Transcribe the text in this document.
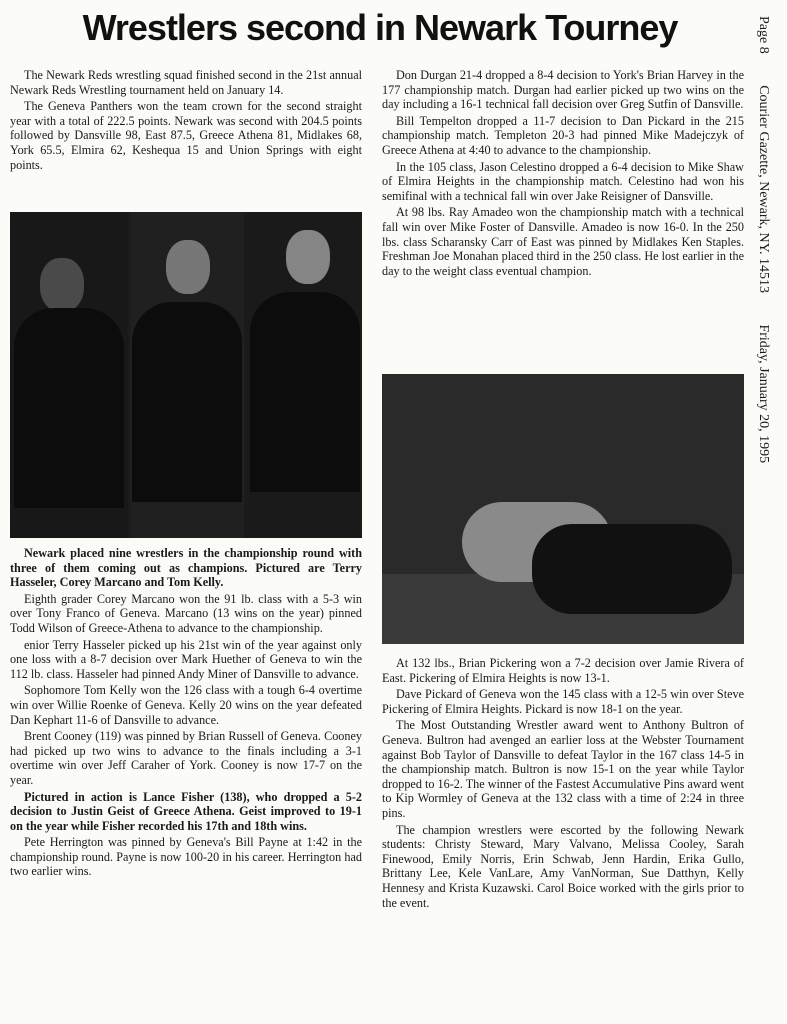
Wrestlers second in Newark Tourney	Page 8 Courier Gazette, Newark, NY. 14513 Friday, January 20, 1995

The Newark Reds wrestling squad finished second in the 21st annual Newark Reds Wrestling tournament held on January 14.

The Geneva Panthers won the team crown for the second straight year with a total of 222.5 points. Newark was second with 204.5 points followed by Dansville 98, East 87.5, Greece Athena 81, Midlakes 68, York 65.5, Elmira 62, Keshequa 15 and Union Springs with eight points.

Newark placed nine wrestlers in the championship round with three of them coming out as champions. Pictured are Terry Hasseler, Corey Marcano and Tom Kelly.

Eighth grader Corey Marcano won the 91 lb. class with a 5-3 win over Tony Franco of Geneva. Marcano (13 wins on the year) pinned Todd Wilson of Greece-Athena to advance to the championship.

enior Terry Hasseler picked up his 21st win of the year against only one loss with a 8-7 decision over Mark Huether of Geneva to win the 112 lb. class. Hasseler had pinned Andy Miner of Dansville to advance.

Sophomore Tom Kelly won the 126 class with a tough 6-4 overtime win over Willie Roenke of Geneva. Kelly 20 wins on the year defeated Dan Kephart 11-6 of Dansville to advance.

Brent Cooney (119) was pinned by Brian Russell of Geneva. Cooney had picked up two wins to advance to the finals including a 3-1 overtime win over Jeff Caraher of York. Cooney is now 17-7 on the year.

Pictured in action is Lance Fisher (138), who dropped a 5-2 decision to Justin Geist of Greece Athena. Geist improved to 19-1 on the year while Fisher recorded his 17th and 18th wins.

Pete Herrington was pinned by Geneva's Bill Payne at 1:42 in the championship round. Payne is now 100-20 in his career. Herrington had two earlier wins.

Don Durgan 21-4 dropped a 8-4 decision to York's Brian Harvey in the 177 championship match. Durgan had earlier picked up two wins on the day including a 16-1 technical fall decision over Greg Sutfin of Dansville.

Bill Tempelton dropped a 11-7 decision to Dan Pickard in the 215 championship match. Templeton 20-3 had pinned Mike Madejczyk of Greece Athena at 4:40 to advance to the championship.

In the 105 class, Jason Celestino dropped a 6-4 decision to Mike Shaw of Elmira Heights in the championship match. Celestino had won his semifinal with a technical fall win over Jake Reisigner of Dansville.

At 98 lbs. Ray Amadeo won the championship match with a technical fall win over Mike Foster of Dansville. Amadeo is now 16-0. In the 250 lbs. class Scharansky Carr of East was pinned by Midlakes Ken Staples. Freshman Joe Monahan placed third in the 250 class. He lost earlier in the day to the weight class eventual champion.

At 132 lbs., Brian Pickering won a 7-2 decision over Jamie Rivera of East. Pickering of Elmira Heights is now 13-1.

Dave Pickard of Geneva won the 145 class with a 12-5 win over Steve Pickering of Elmira Heights. Pickard is now 18-1 on the year.

The Most Outstanding Wrestler award went to Anthony Bultron of Geneva. Bultron had avenged an earlier loss at the Webster Tournament against Bob Taylor of Dansville to defeat Taylor in the 167 class 14-5 in the championship match. Bultron is now 15-1 on the year while Taylor dropped to 16-2. The winner of the Fastest Accumulative Pins award went to Kip Wormley of Geneva at the 132 class with a time of 2:24 in three pins.

The champion wrestlers were escorted by the following Newark students: Christy Steward, Mary Valvano, Melissa Cooley, Sarah Finewood, Emily Norris, Erin Schwab, Jenn Hardin, Erika Gullo, Brittany Lee, Kele VanLare, Amy VanNorman, Sue Datthyn, Kelly Hennesy and Krista Kuzawski. Carol Boice worked with the girls prior to the event.
